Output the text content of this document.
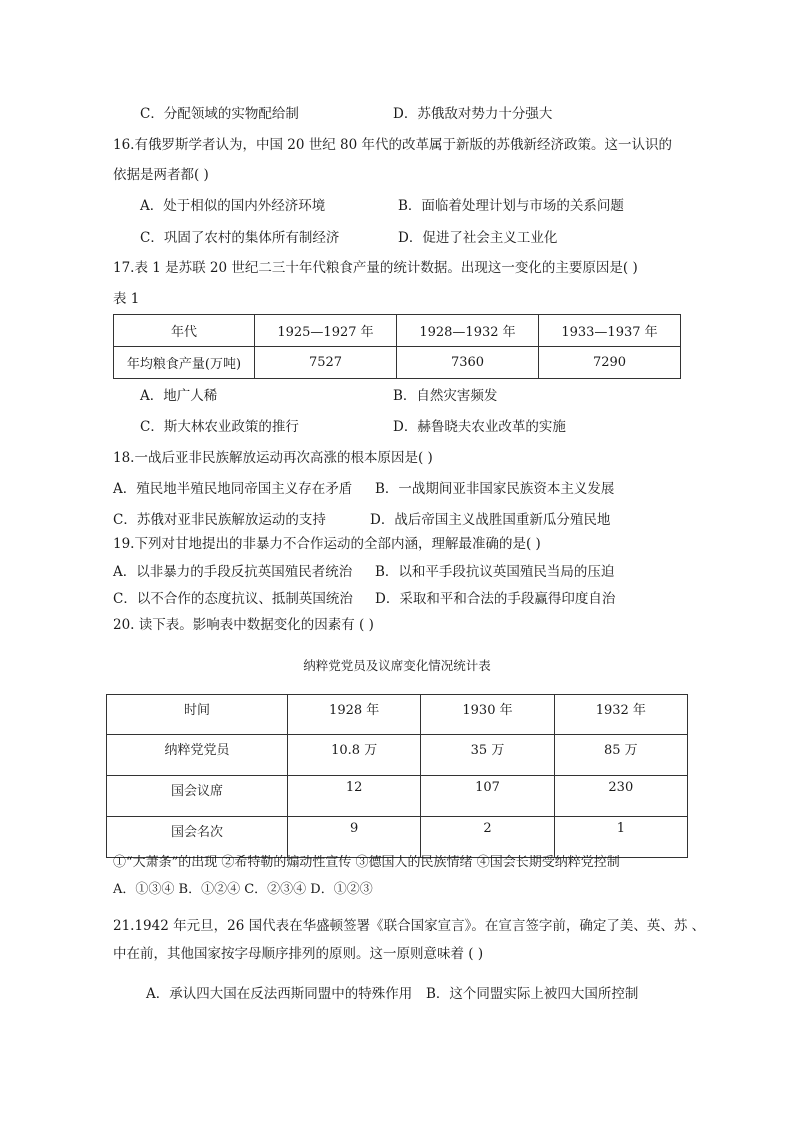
C．分配领域的实物配给制	D．苏俄敌对势力十分强大
16.有俄罗斯学者认为，中国 20 世纪 80 年代的改革属于新版的苏俄新经济政策。这一认识的
依据是两者都( )
A．处于相似的国内外经济环境	B．面临着处理计划与市场的关系问题
C．巩固了农村的集体所有制经济	D．促进了社会主义工业化
17.表 1 是苏联 20 世纪二三十年代粮食产量的统计数据。出现这一变化的主要原因是( )
表 1
年代	1925—1927 年	1928—1932 年	1933—1937 年
年均粮食产量(万吨)	7527	7360	7290
A．地广人稀	B．自然灾害频发
C．斯大林农业政策的推行	D．赫鲁晓夫农业改革的实施
18.一战后亚非民族解放运动再次高涨的根本原因是( )
A．殖民地半殖民地同帝国主义存在矛盾 B．一战期间亚非国家民族资本主义发展
C．苏俄对亚非民族解放运动的支持	D．战后帝国主义战胜国重新瓜分殖民地
19.下列对甘地提出的非暴力不合作运动的全部内涵，理解最准确的是( )
A．以非暴力的手段反抗英国殖民者统治 B．以和平手段抗议英国殖民当局的压迫
C．以不合作的态度抗议、抵制英国统治 D．采取和平和合法的手段赢得印度自治
20. 读下表。影响表中数据变化的因素有 ( )
纳粹党党员及议席变化情况统计表
时间	1928 年	1930 年	1932 年
纳粹党党员	10.8 万	35 万	85 万
国会议席	12	107	230
国会名次	9	2	1
①“大萧条”的出现 ②希特勒的煽动性宣传 ③德国人的民族情绪 ④国会长期受纳粹党控制
A．①③④ B．①②④ C．②③④ D．①②③
21.1942 年元旦，26 国代表在华盛顿签署《联合国家宣言》。在宣言签字前，确定了美、英、苏 、
中在前，其他国家按字母顺序排列的原则。这一原则意味着 ( )
A．承认四大国在反法西斯同盟中的特殊作用 B．这个同盟实际上被四大国所控制
